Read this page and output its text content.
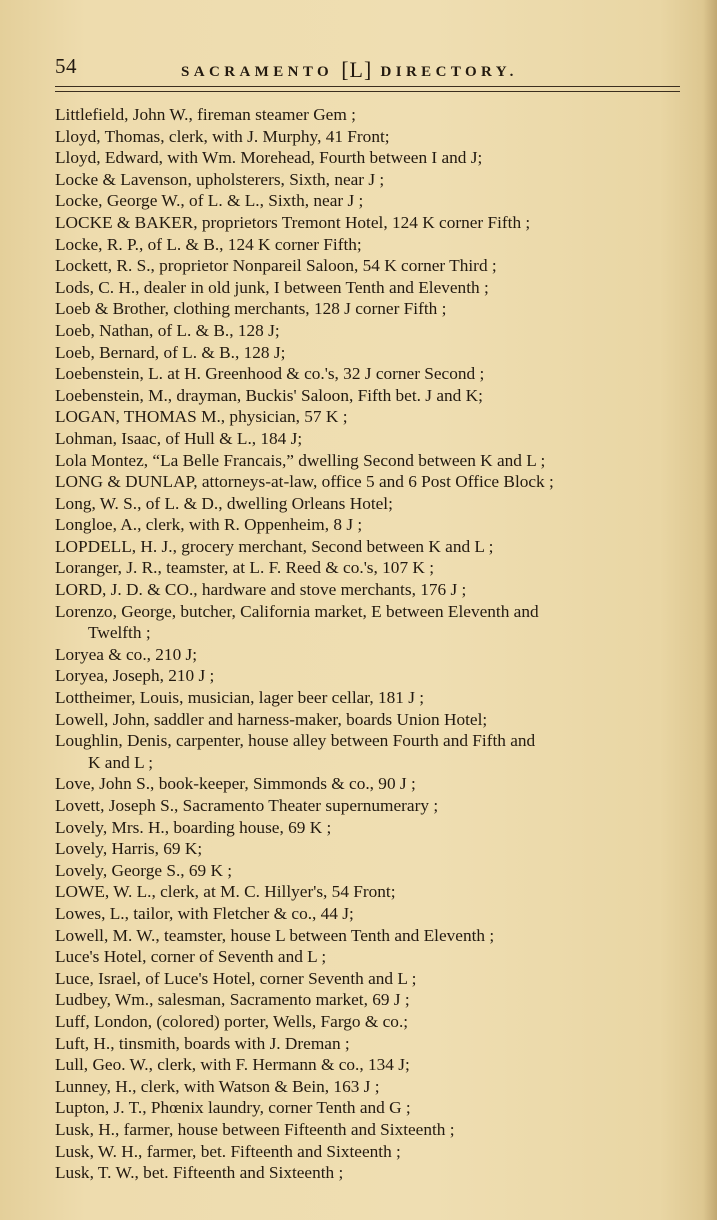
54	SACRAMENTO [L] DIRECTORY.
Littlefield, John W., fireman steamer Gem ;
Lloyd, Thomas, clerk, with J. Murphy, 41 Front;
Lloyd, Edward, with Wm. Morehead, Fourth between I and J;
Locke & Lavenson, upholsterers, Sixth, near J ;
Locke, George W., of L. & L., Sixth, near J ;
LOCKE & BAKER, proprietors Tremont Hotel, 124 K corner Fifth ;
Locke, R. P., of L. & B., 124 K corner Fifth;
Lockett, R. S., proprietor Nonpareil Saloon, 54 K corner Third ;
Lods, C. H., dealer in old junk, I between Tenth and Eleventh ;
Loeb & Brother, clothing merchants, 128 J corner Fifth ;
Loeb, Nathan, of L. & B., 128 J;
Loeb, Bernard, of L. & B., 128 J;
Loebenstein, L. at H. Greenhood & co.'s, 32 J corner Second ;
Loebenstein, M., drayman, Buckis' Saloon, Fifth bet. J and K;
LOGAN, THOMAS M., physician, 57 K ;
Lohman, Isaac, of Hull & L., 184 J;
Lola Montez, “La Belle Francais,” dwelling Second between K and L ;
LONG & DUNLAP, attorneys-at-law, office 5 and 6 Post Office Block ;
Long, W. S., of L. & D., dwelling Orleans Hotel;
Longloe, A., clerk, with R. Oppenheim, 8 J ;
LOPDELL, H. J., grocery merchant, Second between K and L ;
Loranger, J. R., teamster, at L. F. Reed & co.'s, 107 K ;
LORD, J. D. & CO., hardware and stove merchants, 176 J ;
Lorenzo, George, butcher, California market, E between Eleventh and
Twelfth ;
Loryea & co., 210 J;
Loryea, Joseph, 210 J ;
Lottheimer, Louis, musician, lager beer cellar, 181 J ;
Lowell, John, saddler and harness-maker, boards Union Hotel;
Loughlin, Denis, carpenter, house alley between Fourth and Fifth and
K and L ;
Love, John S., book-keeper, Simmonds & co., 90 J ;
Lovett, Joseph S., Sacramento Theater supernumerary ;
Lovely, Mrs. H., boarding house, 69 K ;
Lovely, Harris, 69 K;
Lovely, George S., 69 K ;
LOWE, W. L., clerk, at M. C. Hillyer's, 54 Front;
Lowes, L., tailor, with Fletcher & co., 44 J;
Lowell, M. W., teamster, house L between Tenth and Eleventh ;
Luce's Hotel, corner of Seventh and L ;
Luce, Israel, of Luce's Hotel, corner Seventh and L ;
Ludbey, Wm., salesman, Sacramento market, 69 J ;
Luff, London, (colored) porter, Wells, Fargo & co.;
Luft, H., tinsmith, boards with J. Dreman ;
Lull, Geo. W., clerk, with F. Hermann & co., 134 J;
Lunney, H., clerk, with Watson & Bein, 163 J ;
Lupton, J. T., Phœnix laundry, corner Tenth and G ;
Lusk, H., farmer, house between Fifteenth and Sixteenth ;
Lusk, W. H., farmer, bet. Fifteenth and Sixteenth ;
Lusk, T. W., bet. Fifteenth and Sixteenth ;
